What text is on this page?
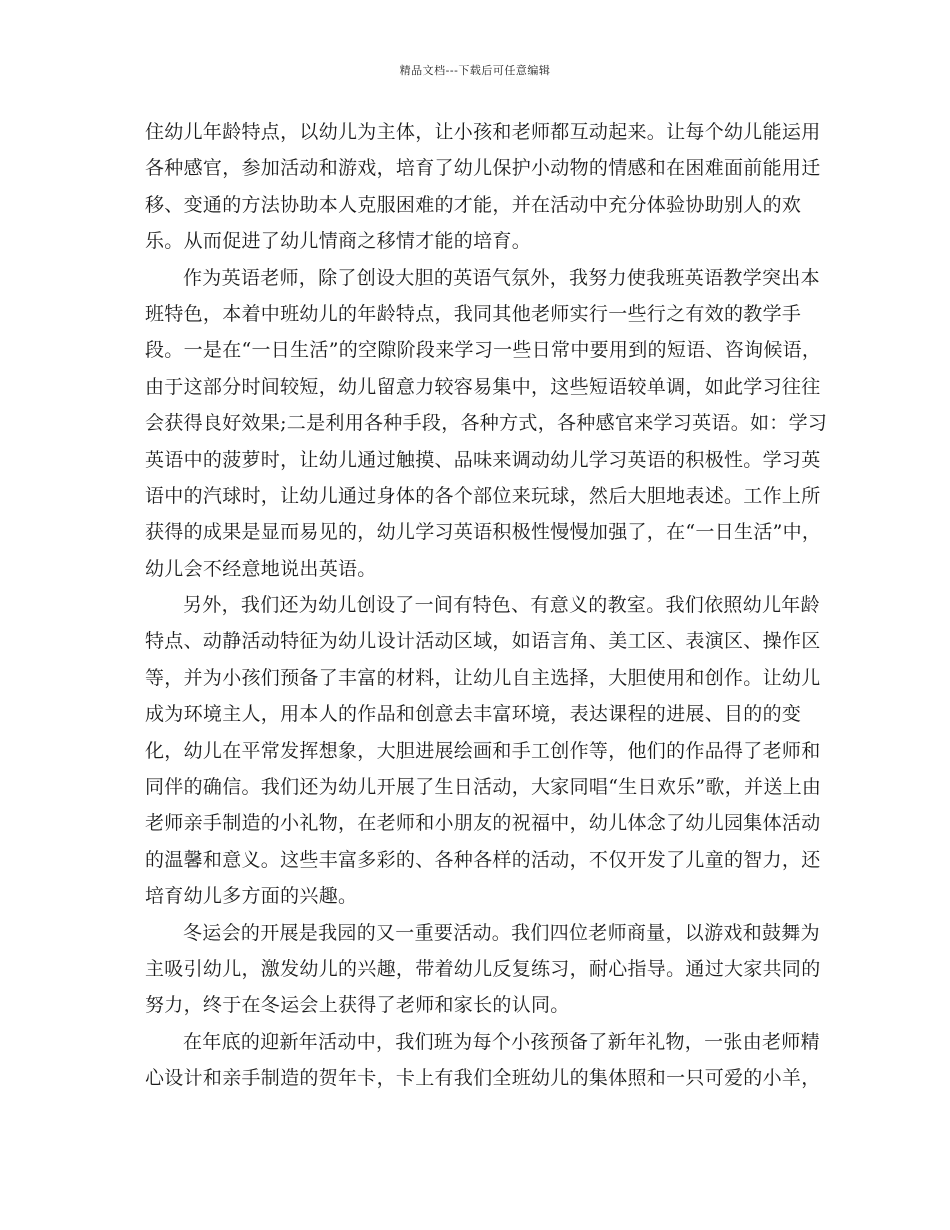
精品文档---下载后可任意编辑
住幼儿年龄特点，以幼儿为主体，让小孩和老师都互动起来。让每个幼儿能运用
各种感官，参加活动和游戏，培育了幼儿保护小动物的情感和在困难面前能用迁
移、变通的方法协助本人克服困难的才能，并在活动中充分体验协助别人的欢
乐。从而促进了幼儿情商之移情才能的培育。
作为英语老师，除了创设大胆的英语气氛外，我努力使我班英语教学突出本
班特色，本着中班幼儿的年龄特点，我同其他老师实行一些行之有效的教学手
段。一是在“一日生活”的空隙阶段来学习一些日常中要用到的短语、咨询候语，
由于这部分时间较短，幼儿留意力较容易集中，这些短语较单调，如此学习往往
会获得良好效果;二是利用各种手段，各种方式，各种感官来学习英语。如：学习
英语中的菠萝时，让幼儿通过触摸、品味来调动幼儿学习英语的积极性。学习英
语中的汽球时，让幼儿通过身体的各个部位来玩球，然后大胆地表述。工作上所
获得的成果是显而易见的，幼儿学习英语积极性慢慢加强了，在“一日生活”中，
幼儿会不经意地说出英语。
另外，我们还为幼儿创设了一间有特色、有意义的教室。我们依照幼儿年龄
特点、动静活动特征为幼儿设计活动区域，如语言角、美工区、表演区、操作区
等，并为小孩们预备了丰富的材料，让幼儿自主选择，大胆使用和创作。让幼儿
成为环境主人，用本人的作品和创意去丰富环境，表达课程的进展、目的的变
化，幼儿在平常发挥想象，大胆进展绘画和手工创作等，他们的作品得了老师和
同伴的确信。我们还为幼儿开展了生日活动，大家同唱“生日欢乐”歌，并送上由
老师亲手制造的小礼物，在老师和小朋友的祝福中，幼儿体念了幼儿园集体活动
的温馨和意义。这些丰富多彩的、各种各样的活动，不仅开发了儿童的智力，还
培育幼儿多方面的兴趣。
冬运会的开展是我园的又一重要活动。我们四位老师商量，以游戏和鼓舞为
主吸引幼儿，激发幼儿的兴趣，带着幼儿反复练习，耐心指导。通过大家共同的
努力，终于在冬运会上获得了老师和家长的认同。
在年底的迎新年活动中，我们班为每个小孩预备了新年礼物，一张由老师精
心设计和亲手制造的贺年卡，卡上有我们全班幼儿的集体照和一只可爱的小羊，
